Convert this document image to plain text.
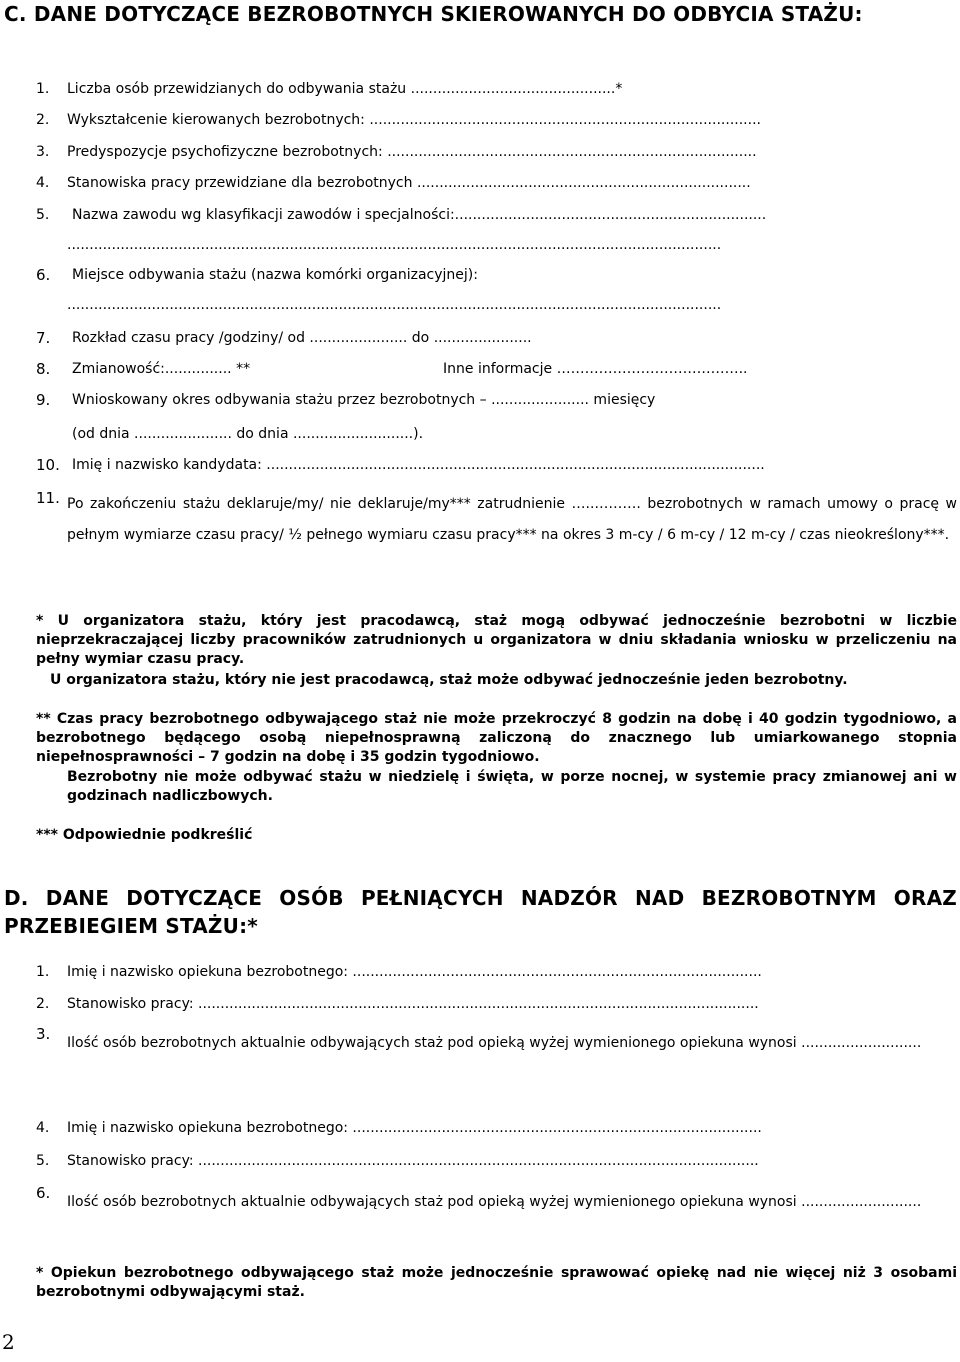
C. DANE DOTYCZĄCE BEZROBOTNYCH SKIEROWANYCH DO ODBYCIA STAŻU:
1. Liczba osób przewidzianych do odbywania stażu ..............................................*
2. Wykształcenie kierowanych bezrobotnych: ........................................................................................
3. Predyspozycje psychofizyczne bezrobotnych: ...................................................................................
4. Stanowiska pracy przewidziane dla bezrobotnych ...........................................................................
5. Nazwa zawodu wg klasyfikacji zawodów i specjalności:......................................................................
...................................................................................................................................................
6. Miejsce odbywania stażu (nazwa komórki organizacyjnej):
...................................................................................................................................................
7. Rozkład czasu pracy /godziny/ od ...................... do ......................
8. Zmianowość:............... **	Inne informacje …………………………………..
9. Wnioskowany okres odbywania stażu przez bezrobotnych – ...................... miesięcy
(od dnia ...................... do dnia ...........................).
10. Imię i nazwisko kandydata: ................................................................................................................
11. Po zakończeniu stażu deklaruje/my/ nie deklaruje/my*** zatrudnienie …..………. bezrobotnych w ramach umowy o pracę w pełnym wymiarze czasu pracy/ ½ pełnego wymiaru czasu pracy*** na okres 3 m-cy / 6 m-cy / 12 m-cy / czas nieokreślony***.
* U organizatora stażu, który jest pracodawcą, staż mogą odbywać jednocześnie bezrobotni w liczbie nieprzekraczającej liczby pracowników zatrudnionych u organizatora w dniu składania wniosku w przeliczeniu na pełny wymiar czasu pracy.
U organizatora stażu, który nie jest pracodawcą, staż może odbywać jednocześnie jeden bezrobotny.
** Czas pracy bezrobotnego odbywającego staż nie może przekroczyć 8 godzin na dobę i 40 godzin tygodniowo, a bezrobotnego będącego osobą niepełnosprawną zaliczoną do znacznego lub umiarkowanego stopnia niepełnosprawności – 7 godzin na dobę i 35 godzin tygodniowo.
Bezrobotny nie może odbywać stażu w niedzielę i święta, w porze nocnej, w systemie pracy zmianowej ani w godzinach nadliczbowych.
*** Odpowiednie podkreślić
D. DANE DOTYCZĄCE OSÓB PEŁNIĄCYCH NADZÓR NAD BEZROBOTNYM ORAZ PRZEBIEGIEM STAŻU:*
1. Imię i nazwisko opiekuna bezrobotnego: ............................................................................................
2. Stanowisko pracy: ..............................................................................................................................
3. Ilość osób bezrobotnych aktualnie odbywających staż pod opieką wyżej wymienionego opiekuna wynosi ...........................
4. Imię i nazwisko opiekuna bezrobotnego: ............................................................................................
5. Stanowisko pracy: ..............................................................................................................................
6. Ilość osób bezrobotnych aktualnie odbywających staż pod opieką wyżej wymienionego opiekuna wynosi ...........................
* Opiekun bezrobotnego odbywającego staż może jednocześnie sprawować opiekę nad nie więcej niż 3 osobami bezrobotnymi odbywającymi staż.
2
